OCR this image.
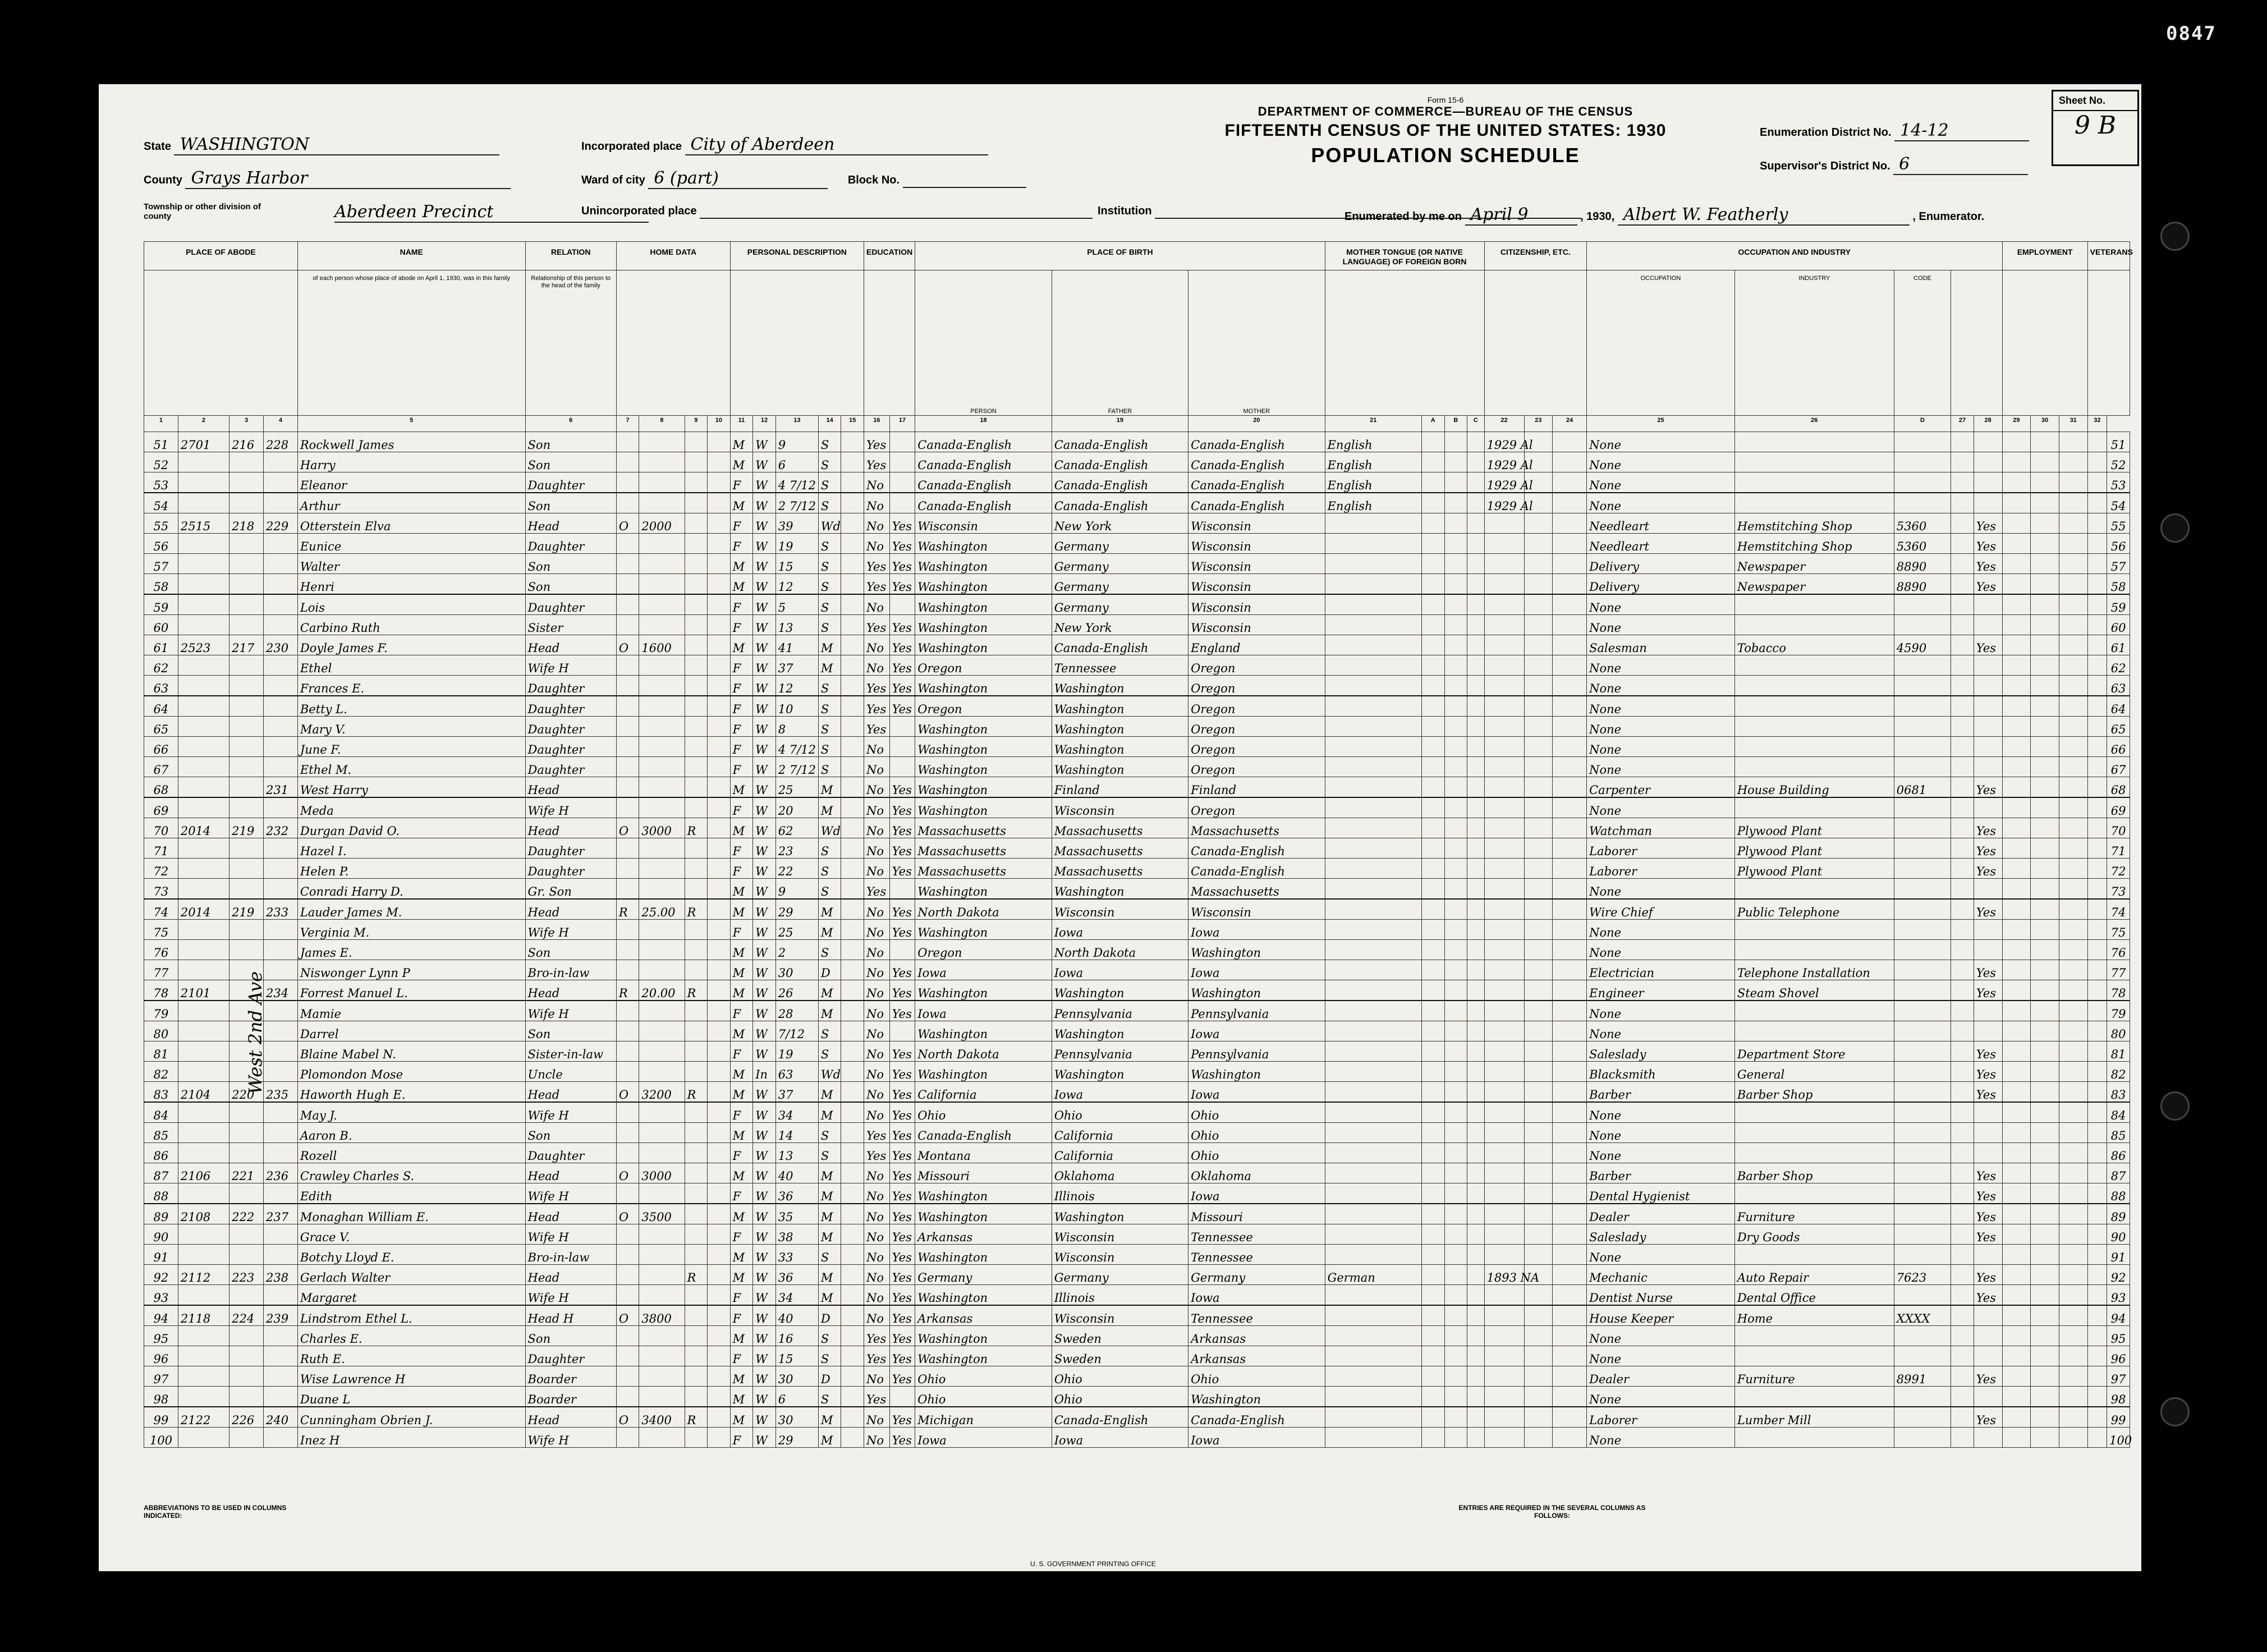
State WASHINGTON
County Grays Harbor
Township or other division of county	Aberdeen Precinct
Incorporated place City of Aberdeen
Ward of city 6 (part)	Block No.
Unincorporated place	Institution
Form 15-6
DEPARTMENT OF COMMERCE—BUREAU OF THE CENSUS
FIFTEENTH CENSUS OF THE UNITED STATES: 1930
POPULATION SCHEDULE
Enumeration District No. 14-12
Supervisor's District No. 6
Sheet No.
9 B
Enumerated by me on April 9	, 1930, Albert W. Featherly	, Enumerator.
PLACE OF ABODE				NAME	RELATION	HOME DATA				PERSONAL DESCRIPTION					EDUCATION		PLACE OF BIRTH			MOTHER TONGUE (OR NATIVE LANGUAGE) OF FOREIGN BORN				CITIZENSHIP, ETC.			OCCUPATION AND INDUSTRY					EMPLOYMENT			VETERANS	
				of each person whose place of abode on April 1, 1930, was in this family	Relationship of this person to the head of the family												PERSON	FATHER	MOTHER								OCCUPATION	INDUSTRY	CODE							
1	2	3	4	5	6	7	8	9	10	11	12	13	14	15	16	17	18	19	20	21	A	B	C	22	23	24	25	26	D	27	28	29	30	31	32	
51	2701	216	228	Rockwell James	Son					M	W	9	S		Yes		Canada-English	Canada-English	Canada-English	English				1929 Al			None									51
52				Harry	Son					M	W	6	S		Yes		Canada-English	Canada-English	Canada-English	English				1929 Al			None									52
53				Eleanor	Daughter					F	W	4 7/12	S		No		Canada-English	Canada-English	Canada-English	English				1929 Al			None									53
54				Arthur	Son					M	W	2 7/12	S		No		Canada-English	Canada-English	Canada-English	English				1929 Al			None									54
55	2515	218	229	Otterstein Elva	Head	O	2000			F	W	39	Wd		No	Yes	Wisconsin	New York	Wisconsin								Needleart	Hemstitching Shop	5360		Yes					55
56				Eunice	Daughter					F	W	19	S		No	Yes	Washington	Germany	Wisconsin								Needleart	Hemstitching Shop	5360		Yes					56
57				Walter	Son					M	W	15	S		Yes	Yes	Washington	Germany	Wisconsin								Delivery	Newspaper	8890		Yes					57
58				Henri	Son					M	W	12	S		Yes	Yes	Washington	Germany	Wisconsin								Delivery	Newspaper	8890		Yes					58
59				Lois	Daughter					F	W	5	S		No		Washington	Germany	Wisconsin								None									59
60				Carbino Ruth	Sister					F	W	13	S		Yes	Yes	Washington	New York	Wisconsin								None									60
61	2523	217	230	Doyle James F.	Head	O	1600			M	W	41	M		No	Yes	Washington	Canada-English	England								Salesman	Tobacco	4590		Yes					61
62				Ethel	Wife H					F	W	37	M		No	Yes	Oregon	Tennessee	Oregon								None									62
63				Frances E.	Daughter					F	W	12	S		Yes	Yes	Washington	Washington	Oregon								None									63
64				Betty L.	Daughter					F	W	10	S		Yes	Yes	Oregon	Washington	Oregon								None									64
65				Mary V.	Daughter					F	W	8	S		Yes		Washington	Washington	Oregon								None									65
66				June F.	Daughter					F	W	4 7/12	S		No		Washington	Washington	Oregon								None									66
67				Ethel M.	Daughter					F	W	2 7/12	S		No		Washington	Washington	Oregon								None									67
68			231	West Harry	Head					M	W	25	M		No	Yes	Washington	Finland	Finland								Carpenter	House Building	0681		Yes					68
69				Meda	Wife H					F	W	20	M		No	Yes	Washington	Wisconsin	Oregon								None									69
70	2014	219	232	Durgan David O.	Head	O	3000	R		M	W	62	Wd		No	Yes	Massachusetts	Massachusetts	Massachusetts								Watchman	Plywood Plant			Yes					70
71				Hazel I.	Daughter					F	W	23	S		No	Yes	Massachusetts	Massachusetts	Canada-English								Laborer	Plywood Plant			Yes					71
72				Helen P.	Daughter					F	W	22	S		No	Yes	Massachusetts	Massachusetts	Canada-English								Laborer	Plywood Plant			Yes					72
73				Conradi Harry D.	Gr. Son					M	W	9	S		Yes		Washington	Washington	Massachusetts								None									73
74	2014	219	233	Lauder James M.	Head	R	25.00	R		M	W	29	M		No	Yes	North Dakota	Wisconsin	Wisconsin								Wire Chief	Public Telephone			Yes					74
75				Verginia M.	Wife H					F	W	25	M		No	Yes	Washington	Iowa	Iowa								None									75
76				James E.	Son					M	W	2	S		No		Oregon	North Dakota	Washington								None									76
77				Niswonger Lynn P	Bro-in-law					M	W	30	D		No	Yes	Iowa	Iowa	Iowa								Electrician	Telephone Installation			Yes					77
78	2101		234	Forrest Manuel L.	Head	R	20.00	R		M	W	26	M		No	Yes	Washington	Washington	Washington								Engineer	Steam Shovel			Yes					78
79				Mamie	Wife H					F	W	28	M		No	Yes	Iowa	Pennsylvania	Pennsylvania								None									79
80				Darrel	Son					M	W	7/12	S		No		Washington	Washington	Iowa								None									80
81				Blaine Mabel N.	Sister-in-law					F	W	19	S		No	Yes	North Dakota	Pennsylvania	Pennsylvania								Saleslady	Department Store			Yes					81
82				Plomondon Mose	Uncle					M	In	63	Wd		No	Yes	Washington	Washington	Washington								Blacksmith	General			Yes					82
83	2104	220	235	Haworth Hugh E.	Head	O	3200	R		M	W	37	M		No	Yes	California	Iowa	Iowa								Barber	Barber Shop			Yes					83
84				May J.	Wife H					F	W	34	M		No	Yes	Ohio	Ohio	Ohio								None									84
85				Aaron B.	Son					M	W	14	S		Yes	Yes	Canada-English	California	Ohio								None									85
86				Rozell	Daughter					F	W	13	S		Yes	Yes	Montana	California	Ohio								None									86
87	2106	221	236	Crawley Charles S.	Head	O	3000			M	W	40	M		No	Yes	Missouri	Oklahoma	Oklahoma								Barber	Barber Shop			Yes					87
88				Edith	Wife H					F	W	36	M		No	Yes	Washington	Illinois	Iowa								Dental Hygienist				Yes					88
89	2108	222	237	Monaghan William E.	Head	O	3500			M	W	35	M		No	Yes	Washington	Washington	Missouri								Dealer	Furniture			Yes					89
90				Grace V.	Wife H					F	W	38	M		No	Yes	Arkansas	Wisconsin	Tennessee								Saleslady	Dry Goods			Yes					90
91				Botchy Lloyd E.	Bro-in-law					M	W	33	S		No	Yes	Washington	Wisconsin	Tennessee								None									91
92	2112	223	238	Gerlach Walter	Head			R		M	W	36	M		No	Yes	Germany	Germany	Germany	German				1893 NA			Mechanic	Auto Repair	7623		Yes					92
93				Margaret	Wife H					F	W	34	M		No	Yes	Washington	Illinois	Iowa								Dentist Nurse	Dental Office			Yes					93
94	2118	224	239	Lindstrom Ethel L.	Head H	O	3800			F	W	40	D		No	Yes	Arkansas	Wisconsin	Tennessee								House Keeper	Home	XXXX							94
95				Charles E.	Son					M	W	16	S		Yes	Yes	Washington	Sweden	Arkansas								None									95
96				Ruth E.	Daughter					F	W	15	S		Yes	Yes	Washington	Sweden	Arkansas								None									96
97				Wise Lawrence H	Boarder					M	W	30	D		No	Yes	Ohio	Ohio	Ohio								Dealer	Furniture	8991		Yes					97
98				Duane L	Boarder					M	W	6	S		Yes		Ohio	Ohio	Washington								None									98
99	2122	226	240	Cunningham Obrien J.	Head	O	3400	R		M	W	30	M		No	Yes	Michigan	Canada-English	Canada-English								Laborer	Lumber Mill			Yes					99
100				Inez H	Wife H					F	W	29	M		No	Yes	Iowa	Iowa	Iowa								None									100
West 2nd Ave
ABBREVIATIONS TO BE USED IN COLUMNS INDICATED:
ENTRIES ARE REQUIRED IN THE SEVERAL COLUMNS AS FOLLOWS:
U. S. GOVERNMENT PRINTING OFFICE
0847
